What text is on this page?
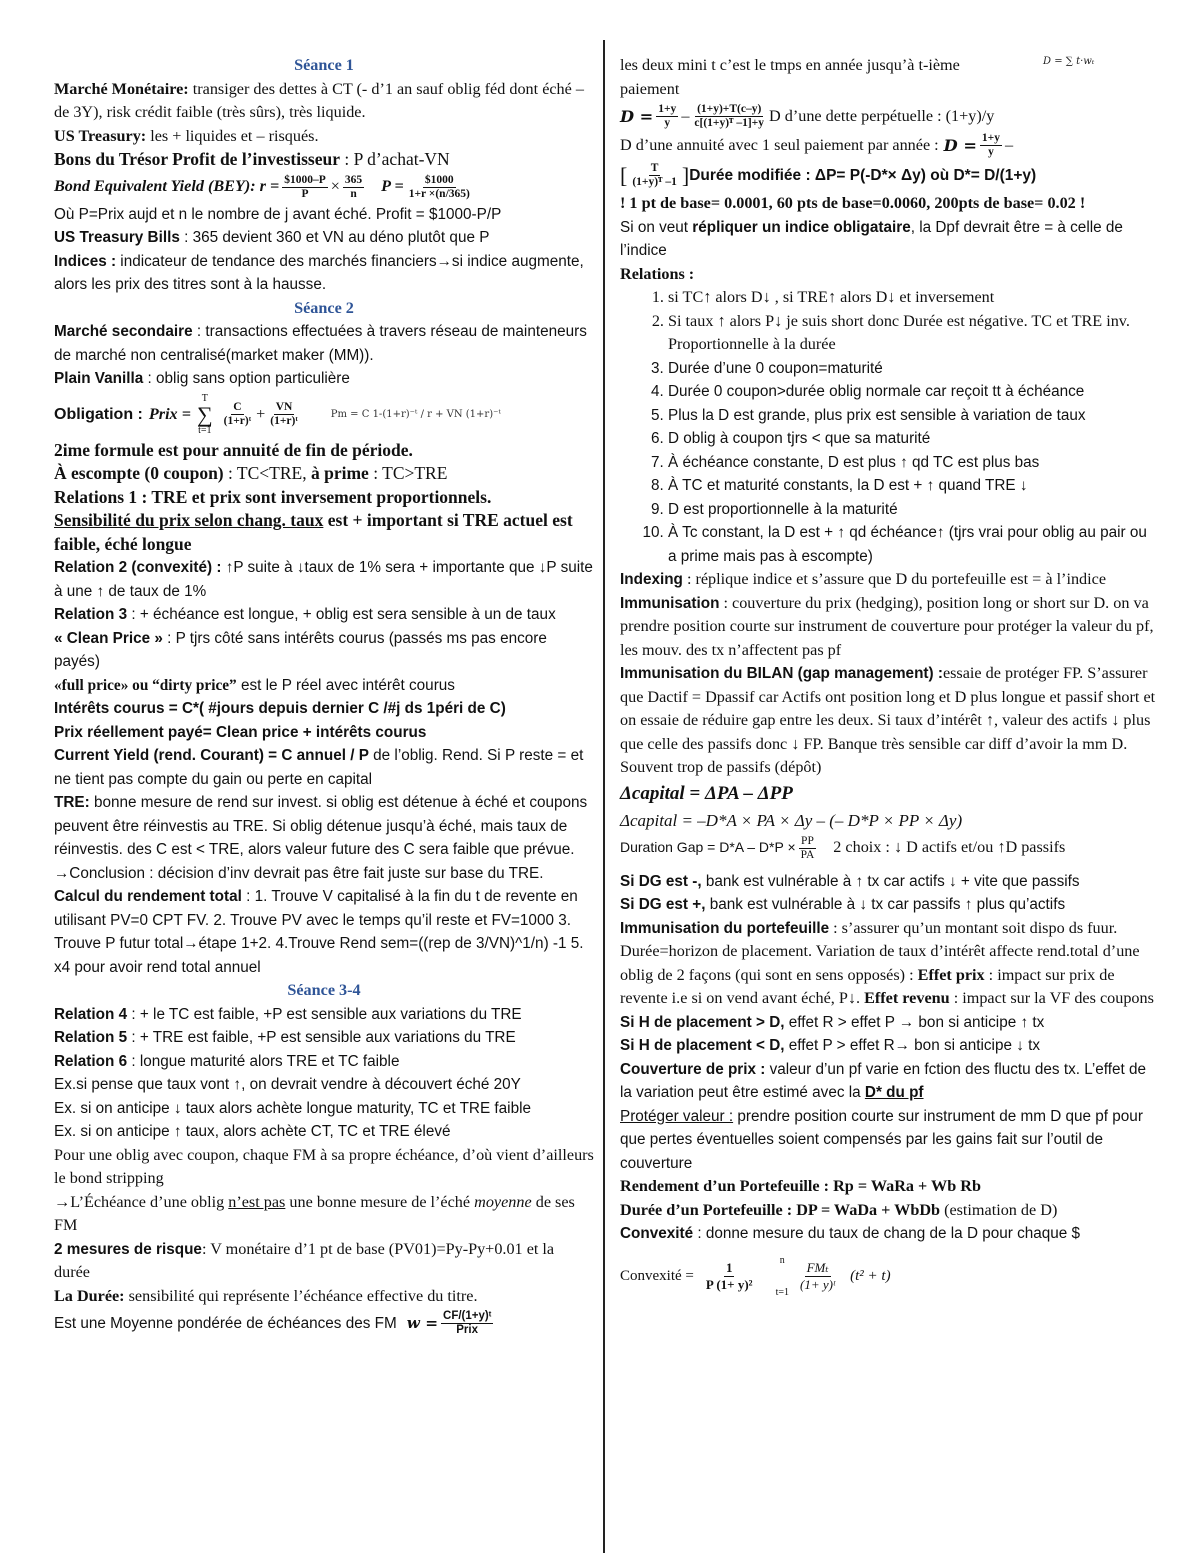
D = ∑ t·wₜ
Séance 1
Marché Monétaire: transiger des dettes à CT (- d’1 an sauf oblig féd dont éché – de 3Y), risk crédit faible (très sûrs), très liquide.
US Treasury: les + liquides et – risqués.
Bons du Trésor Profit de l’investisseur : P d’achat-VN
Bond Equivalent Yield (BEY): $r = \frac{\$1000-P}{P} \times \frac{365}{n}$ $P = \frac{\$1000}{1+r \times(n/365)}$
Où P=Prix aujd et n le nombre de j avant éché. Profit = $1000-P/P
US Treasury Bills : 365 devient 360 et VN au déno plutôt que P
Indices : indicateur de tendance des marchés financiers→si indice augmente, alors les prix des titres sont à la hausse.
Séance 2
Marché secondaire : transactions effectuées à travers réseau de mainteneurs de marché non centralisé(market maker (MM)).
Plain Vanilla : oblig sans option particulière
Obligation : Prix =
T
∑
t=1
$\frac{C}{\text{(1+r)ᵗ}} + \frac{VN}{\text{(1+r)ᵗ}}$	Pm = C 1-(1+r)⁻ᵗ / r + VN (1+r)⁻ᵗ
2ime formule est pour annuité de fin de période.
À escompte (0 coupon) : TC<TRE, à prime : TC>TRE
Relations 1 : TRE et prix sont inversement proportionnels.
Sensibilité du prix selon chang. taux est + important si TRE actuel est faible, éché longue
Relation 2 (convexité) : ↑P suite à ↓taux de 1% sera + importante que ↓P suite à une ↑ de taux de 1%
Relation 3 : + échéance est longue, + oblig est sera sensible à un de taux
« Clean Price » : P tjrs côté sans intérêts courus (passés ms pas encore payés)
«full price» ou “dirty price” est le P réel avec intérêt courus
Intérêts courus = C*( #jours depuis dernier C /#j ds 1péri de C)
Prix réellement payé= Clean price + intérêts courus
Current Yield (rend. Courant) = C annuel / P de l’oblig. Rend. Si P reste = et ne tient pas compte du gain ou perte en capital
TRE: bonne mesure de rend sur invest. si oblig est détenue à éché et coupons peuvent être réinvestis au TRE. Si oblig détenue jusqu’à éché, mais taux de réinvestis. des C est < TRE, alors valeur future des C sera faible que prévue.
→Conclusion : décision d’inv devrait pas être fait juste sur base du TRE.
Calcul du rendement total : 1. Trouve V capitalisé à la fin du t de revente en utilisant PV=0 CPT FV. 2. Trouve PV avec le temps qu’il reste et FV=1000 3. Trouve P futur total→étape 1+2. 4.Trouve Rend sem=((rep de 3/VN)^1/n) -1 5. x4 pour avoir rend total annuel
Séance 3-4
Relation 4 : + le TC est faible, +P est sensible aux variations du TRE
Relation 5 : + TRE est faible, +P est sensible aux variations du TRE
Relation 6 : longue maturité alors TRE et TC faible
Ex.si pense que taux vont ↑, on devrait vendre à découvert éché 20Y
Ex. si on anticipe ↓ taux alors achète longue maturity, TC et TRE faible
Ex. si on anticipe ↑ taux, alors achète CT, TC et TRE élevé
Pour une oblig avec coupon, chaque FM à sa propre échéance, d’où vient d’ailleurs le bond stripping
→L’Échéance d’une oblig n’est pas une bonne mesure de l’éché moyenne de ses FM
2 mesures de risque: V monétaire d’1 pt de base (PV01)=Py-Py+0.01 et la durée
La Durée: sensibilité qui représente l’échéance effective du titre.
Est une Moyenne pondérée de échéances des FM $w = \frac{\text{CF/(1+y)ᵗ}}{\text{Prix}}$
les deux mini t c’est le tmps en année jusqu’à t-ième paiement
$D = \frac{1+y}{y} - \frac{(1+y)+T(c-y)}{\text{c[(1+y)ᵀ –1]+y}}$ D d’une dette perpétuelle : (1+y)/y
D d’une annuité avec 1 seul paiement par année : $D = \frac{1+y}{y}$ –
[ $\frac{T}{\text{(1+y)ᵀ –1}}$ ] Durée modifiée : ΔP= P(-D*× Δy) où D*= D/(1+y)
! 1 pt de base= 0.0001, 60 pts de base=0.0060, 200pts de base= 0.02 !
Si on veut répliquer un indice obligataire, la Dpf devrait être = à celle de l’indice
Relations :
1. si TC↑ alors D↓ , si TRE↑ alors D↓ et inversement
2. Si taux ↑ alors P↓ je suis short donc Durée est négative. TC et TRE inv. Proportionnelle à la durée
3. Durée d’une 0 coupon=maturité
4. Durée 0 coupon>durée oblig normale car reçoit tt à échéance
5. Plus la D est grande, plus prix est sensible à variation de taux
6. D oblig à coupon tjrs < que sa maturité
7. À échéance constante, D est plus ↑ qd TC est plus bas
8. À TC et maturité constants, la D est + ↑ quand TRE ↓
9. D est proportionnelle à la maturité
10. À Tc constant, la D est + ↑ qd échéance↑ (tjrs vrai pour oblig au pair ou a prime mais pas à escompte)
Indexing : réplique indice et s’assure que D du portefeuille est = à l’indice
Immunisation : couverture du prix (hedging), position long or short sur D. on va prendre position courte sur instrument de couverture pour protéger la valeur du pf, les mouv. des tx n’affectent pas pf
Immunisation du BILAN (gap management) :essaie de protéger FP. S’assurer que Dactif = Dpassif car Actifs ont position long et D plus longue et passif short et on essaie de réduire gap entre les deux. Si taux d’intérêt ↑, valeur des actifs ↓ plus que celle des passifs donc ↓ FP. Banque très sensible car diff d’avoir la mm D. Souvent trop de passifs (dépôt)
Δcapital = ΔPA – ΔPP
Δcapital = –D*A × PA × Δy – (– D*P × PP × Δy)
Duration Gap = $D*A - D*P \times \frac{PP}{PA} 2$ choix : ↓ D actifs et/ou ↑D passifs
Si DG est -, bank est vulnérable à ↑ tx car actifs ↓ + vite que passifs
Si DG est +, bank est vulnérable à ↓ tx car passifs ↑ plus qu’actifs
Immunisation du portefeuille : s’assurer qu’un montant soit dispo ds fuur. Durée=horizon de placement. Variation de taux d’intérêt affecte rend.total d’une oblig de 2 façons (qui sont en sens opposés) : Effet prix : impact sur prix de revente i.e si on vend avant éché, P↓. Effet revenu : impact sur la VF des coupons
Si H de placement > D, effet R > effet P → bon si anticipe ↑ tx
Si H de placement < D, effet P > effet R→ bon si anticipe ↓ tx
Couverture de prix : valeur d’un pf varie en fction des fluctu des tx. L’effet de la variation peut être estimé avec la D* du pf
Protéger valeur : prendre position courte sur instrument de mm D que pf pour que pertes éventuelles soient compensés par les gains fait sur l’outil de couverture
Rendement d’un Portefeuille : Rp = WaRa + Wb Rb
Durée d’un Portefeuille : DP = WaDa + WbDb (estimation de D)
Convexité : donne mesure du taux de chang de la D pour chaque $
Convexité = $\frac{1}{\text{P (1+ y)²}}$	n

$t=1 \frac{\text{FMₜ}}{\text{(1+ y)ᵗ}} (t^2 + t)$
